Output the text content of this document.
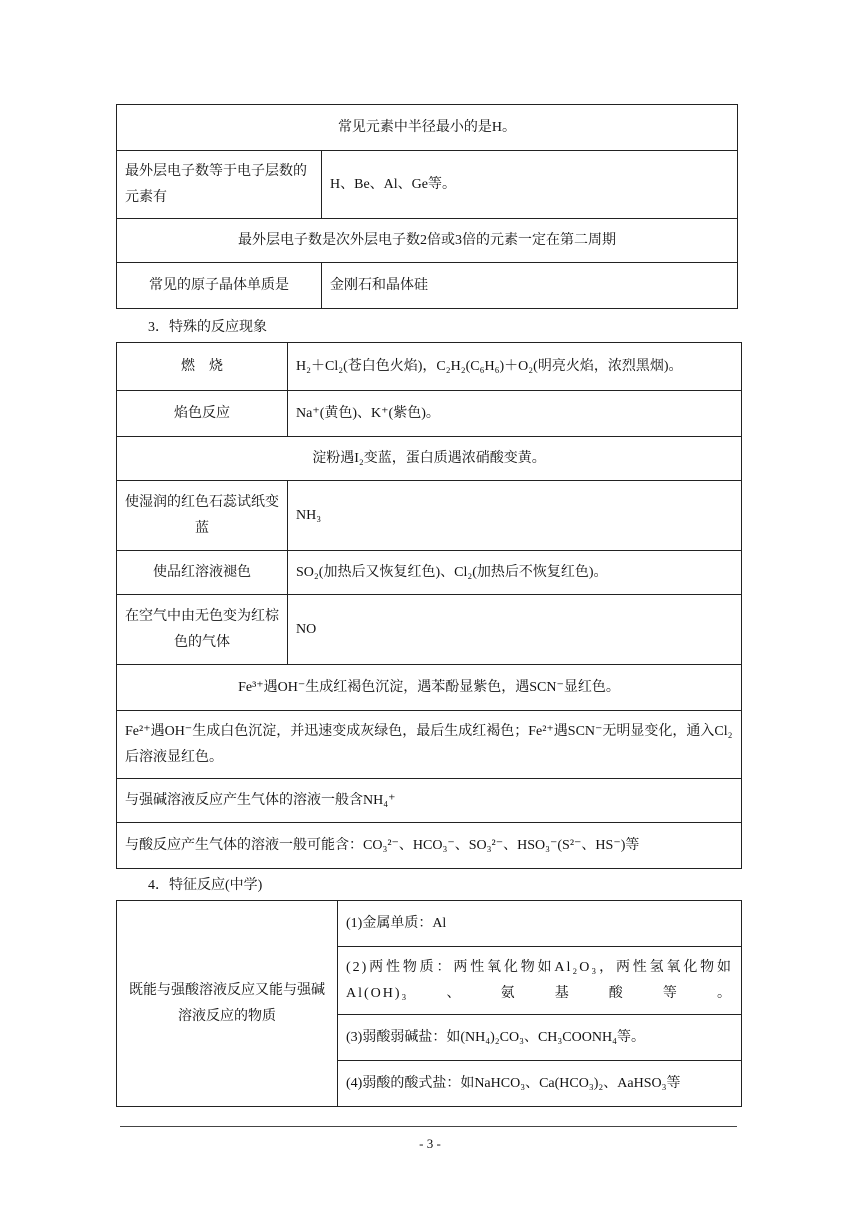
常见元素中半径最小的是H。	
最外层电子数等于电子层数的元素有	H、Be、Al、Ge等。
最外层电子数是次外层电子数2倍或3倍的元素一定在第二周期	
常见的原子晶体单质是	金刚石和晶体硅
3．特殊的反应现象
燃　烧	H₂＋Cl₂(苍白色火焰)，C₂H₂(C₆H₆)＋O₂(明亮火焰，浓烈黑烟)。
焰色反应	Na⁺(黄色)、K⁺(紫色)。
淀粉遇I₂变蓝，蛋白质遇浓硝酸变黄。	
使湿润的红色石蕊试纸变蓝	NH₃
使品红溶液褪色	SO₂(加热后又恢复红色)、Cl₂(加热后不恢复红色)。
在空气中由无色变为红棕色的气体	NO
Fe³⁺遇OH⁻生成红褐色沉淀，遇苯酚显紫色，遇SCN⁻显红色。	
Fe²⁺遇OH⁻生成白色沉淀，并迅速变成灰绿色，最后生成红褐色；Fe²⁺遇SCN⁻无明显变化，通入Cl₂后溶液显红色。	
与强碱溶液反应产生气体的溶液一般含NH₄⁺	
与酸反应产生气体的溶液一般可能含：CO₃²⁻、HCO₃⁻、SO₃²⁻、HSO₃⁻(S²⁻、HS⁻)等	
4．特征反应(中学)
既能与强酸溶液反应又能与强碱溶液反应的物质	(1)金属单质：Al
(2)两性物质：两性氧化物如Al₂O₃，两性氢氧化物如Al(OH)₃、氨基酸等。
(3)弱酸弱碱盐：如(NH₄)₂CO₃、CH₃COONH₄等。
(4)弱酸的酸式盐：如NaHCO₃、Ca(HCO₃)₂、AaHSO₃等
- 3 -
